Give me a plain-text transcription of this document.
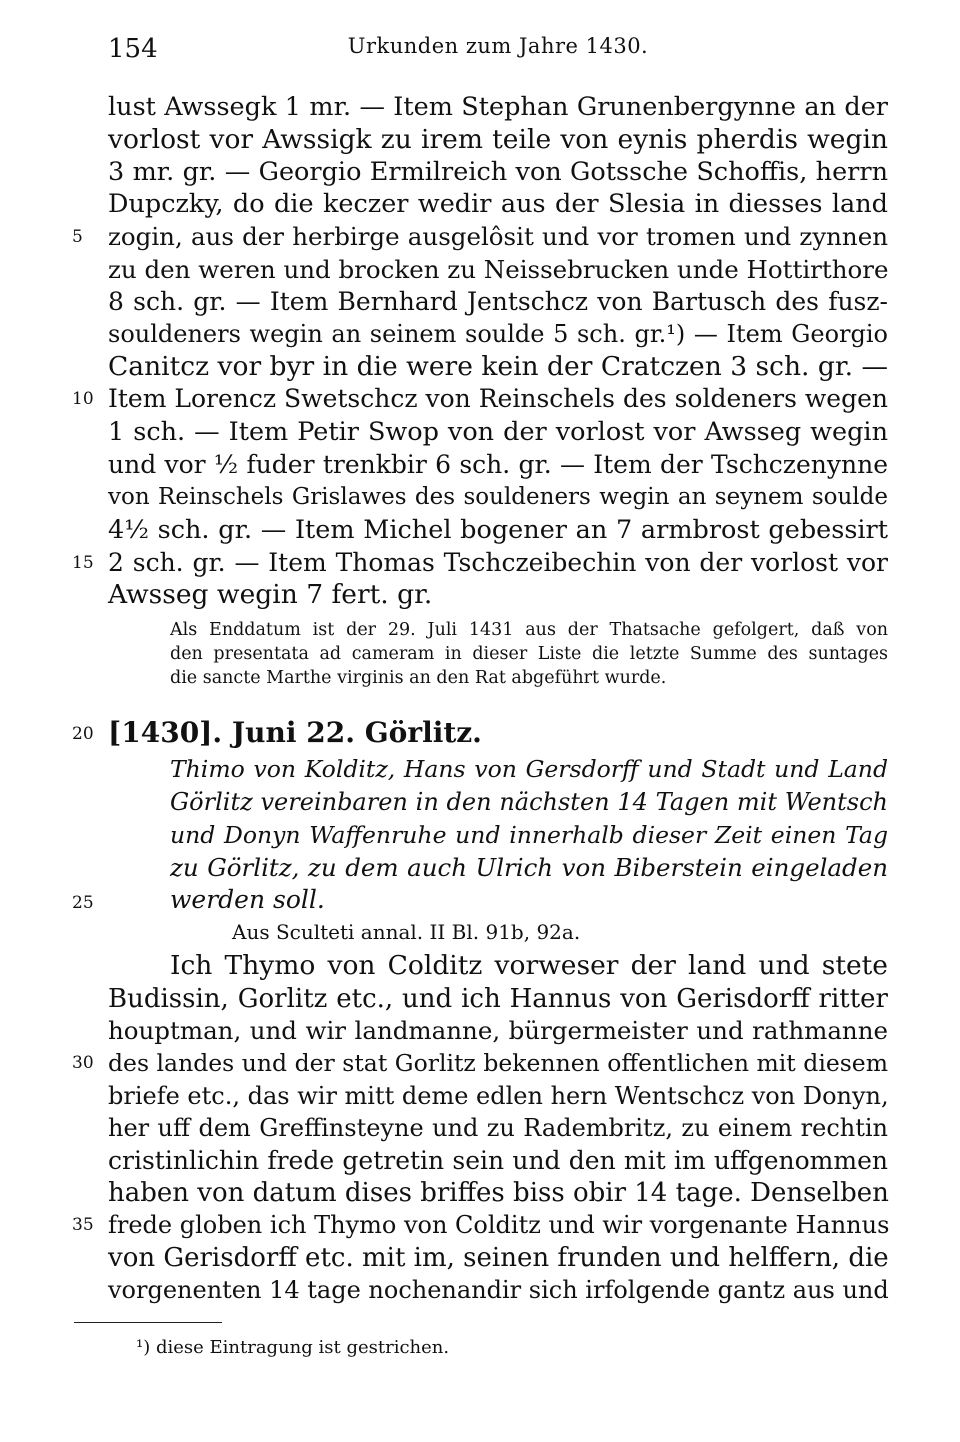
154	Urkunden zum Jahre 1430.
lust Awssegk 1 mr. — Item Stephan Grunenbergynne an der
vorlost vor Awssigk zu irem teile von eynis pherdis wegin
3 mr. gr. — Georgio Ermilreich von Gotssche Schoffis, herrn
Dupczky, do die keczer wedir aus der Slesia in diesses land
zogin, aus der herbirge ausgelôsit und vor tromen und zynnen
zu den weren und brocken zu Neissebrucken unde Hottirthore
8 sch. gr. — Item Bernhard Jentschcz von Bartusch des fusz-
souldeners wegin an seinem soulde 5 sch. gr.¹) — Item Georgio
Canitcz vor byr in die were kein der Cratczen 3 sch. gr. —
Item Lorencz Swetschcz von Reinschels des soldeners wegen
1 sch. — Item Petir Swop von der vorlost vor Awsseg wegin
und vor ½ fuder trenkbir 6 sch. gr. — Item der Tschczenynne
von Reinschels Grislawes des souldeners wegin an seynem soulde
4½ sch. gr. — Item Michel bogener an 7 armbrost gebessirt
2 sch. gr. — Item Thomas Tschczeibechin von der vorlost vor
Awsseg wegin 7 fert. gr.
Als Enddatum ist der 29. Juli 1431 aus der Thatsache gefolgert, daß von
den presentata ad cameram in dieser Liste die letzte Summe des suntages
die sancte Marthe virginis an den Rat abgeführt wurde.
[1430]. Juni 22. Görlitz.
Thimo von Kolditz, Hans von Gersdorff und Stadt und Land
Görlitz vereinbaren in den nächsten 14 Tagen mit Wentsch
und Donyn Waffenruhe und innerhalb dieser Zeit einen Tag
zu Görlitz, zu dem auch Ulrich von Biberstein eingeladen
werden soll.
Aus Sculteti annal. II Bl. 91b, 92a.
Ich Thymo von Colditz vorweser der land und stete
Budissin, Gorlitz etc., und ich Hannus von Gerisdorff ritter
houptman, und wir landmanne, bürgermeister und rathmanne
des landes und der stat Gorlitz bekennen offentlichen mit diesem
briefe etc., das wir mitt deme edlen hern Wentschcz von Donyn,
her uff dem Greffinsteyne und zu Radembritz, zu einem rechtin
cristinlichin frede getretin sein und den mit im uffgenommen
haben von datum dises briffes biss obir 14 tage. Denselben
frede globen ich Thymo von Colditz und wir vorgenante Hannus
von Gerisdorff etc. mit im, seinen frunden und helffern, die
vorgenenten 14 tage nochenandir sich irfolgende gantz aus und
5
10
15
20
25
30
35
¹) diese Eintragung ist gestrichen.
